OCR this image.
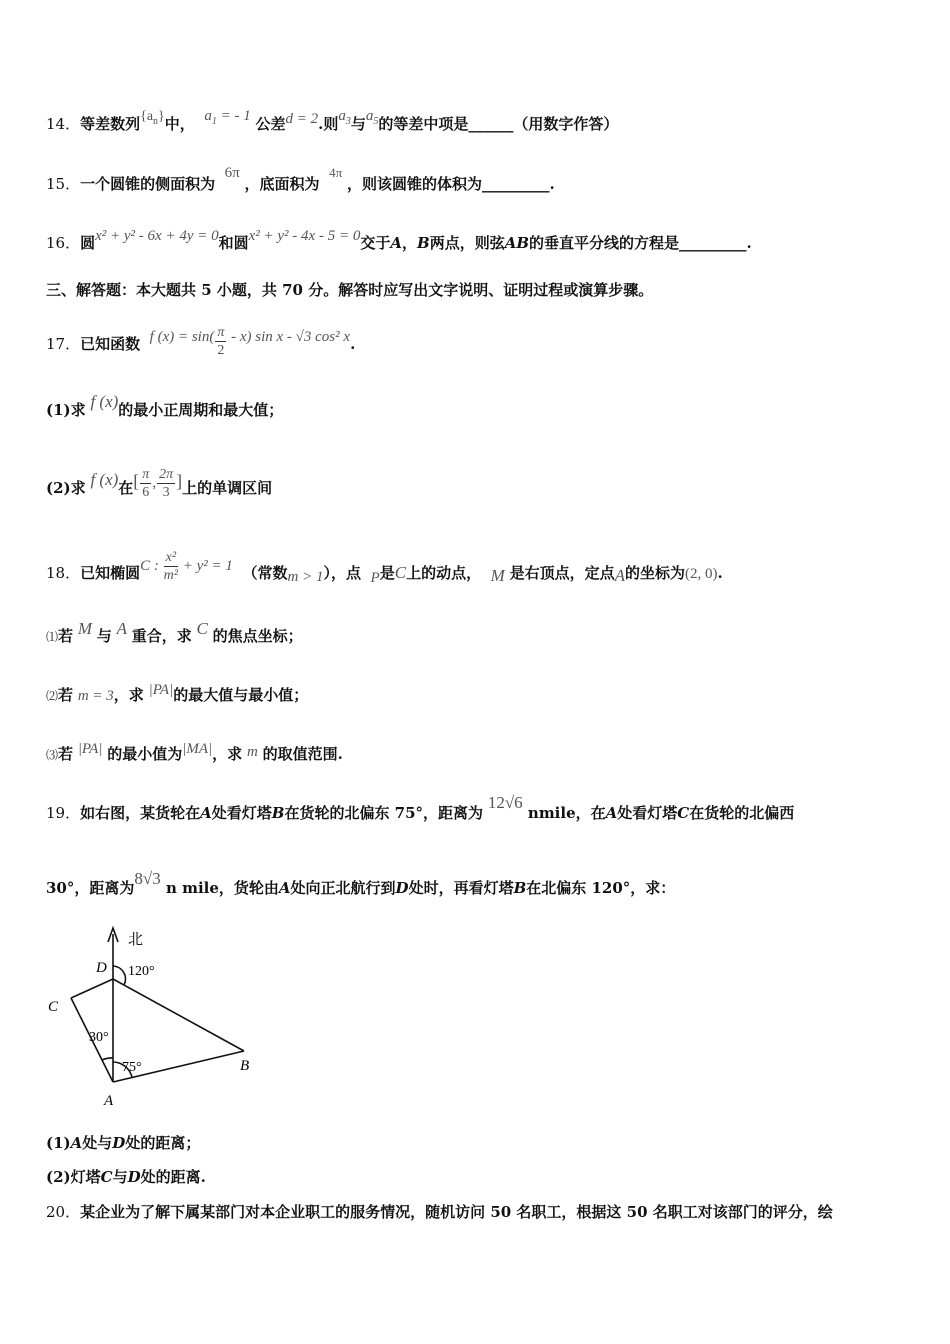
14．等差数列$\{a_n\}$中， $a_1$ = - 1 公差d = 2.则$a_3$与$a_5$的等差中项是______（用数字作答）
15．一个圆锥的侧面积为  6π ，底面积为  4π ，则该圆锥的体积为_________.
16．圆x² + y² - 6x + 4y = 0和圆x² + y² - 4x - 5 = 0交于A，B两点，则弦AB的垂直平分线的方程是_________.
三、解答题：本大题共 5 小题，共 70 分。解答时应写出文字说明、证明过程或演算步骤。
17．已知函数 f $(x) = \sin( \frac{\pi}{2} - x)$ sin x - √3 cos² x.
(1)求 f (x)的最小正周期和最大值；
(2)求 f (x)在[ $\frac{\pi}{6}$ , $\frac{2\pi}{3}$ ]上的单调区间
18．已知椭圆C : $\frac{\text{x²}}{\text{m²}} + y^2 = 1$ （常数m > 1），点 P是C上的动点， M 是右顶点，定点A的坐标为(2, 0).
⑴若 M 与 A 重合，求 C 的焦点坐标；
⑵若 m = 3，求 |PA|的最大值与最小值；
⑶若 |PA| 的最小值为|MA|，求 m 的取值范围.
19．如右图，某货轮在A处看灯塔B在货轮的北偏东 75°，距离为 12√6 nmile，在A处看灯塔C在货轮的北偏西
30°，距离为8√3 n mile，货轮由A处向正北航行到D处时，再看灯塔B在北偏东 120°，求：
北
D 120°
C
30°
75°	B
A
(1)A处与D处的距离；
(2)灯塔C与D处的距离.
20．某企业为了解下属某部门对本企业职工的服务情况，随机访问 50 名职工，根据这 50 名职工对该部门的评分，绘
